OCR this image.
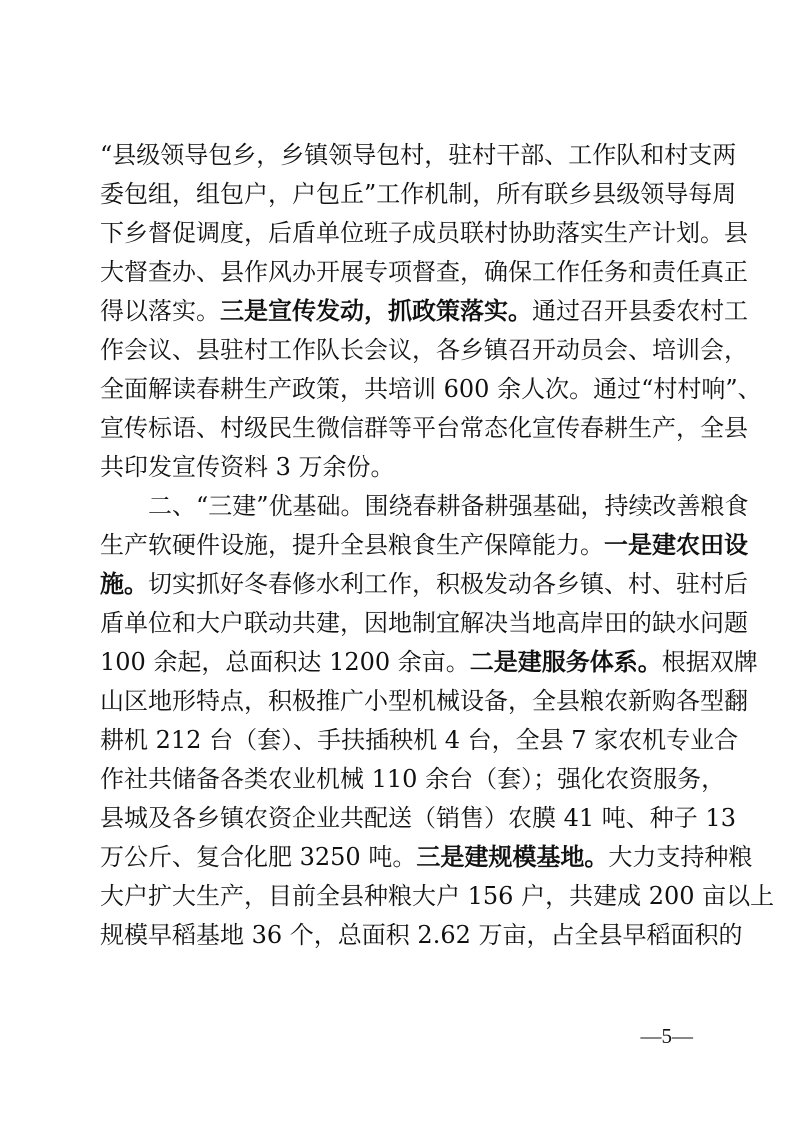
“县级领导包乡，乡镇领导包村，驻村干部、工作队和村支两
委包组，组包户，户包丘”工作机制，所有联乡县级领导每周
下乡督促调度，后盾单位班子成员联村协助落实生产计划。县
大督查办、县作风办开展专项督查，确保工作任务和责任真正
得以落实。三是宣传发动，抓政策落实。通过召开县委农村工
作会议、县驻村工作队长会议，各乡镇召开动员会、培训会，
全面解读春耕生产政策，共培训 600 余人次。通过“村村响”、
宣传标语、村级民生微信群等平台常态化宣传春耕生产，全县
共印发宣传资料 3 万余份。
二、“三建”优基础。围绕春耕备耕强基础，持续改善粮食
生产软硬件设施，提升全县粮食生产保障能力。一是建农田设
施。切实抓好冬春修水利工作，积极发动各乡镇、村、驻村后
盾单位和大户联动共建，因地制宜解决当地高岸田的缺水问题
100 余起，总面积达 1200 余亩。二是建服务体系。根据双牌
山区地形特点，积极推广小型机械设备，全县粮农新购各型翻
耕机 212 台（套）、手扶插秧机 4 台，全县 7 家农机专业合
作社共储备各类农业机械 110 余台（套）；强化农资服务，
县城及各乡镇农资企业共配送（销售）农膜 41 吨、种子 13
万公斤、复合化肥 3250 吨。三是建规模基地。大力支持种粮
大户扩大生产，目前全县种粮大户 156 户，共建成 200 亩以上
规模早稻基地 36 个，总面积 2.62 万亩，占全县早稻面积的
—5—
